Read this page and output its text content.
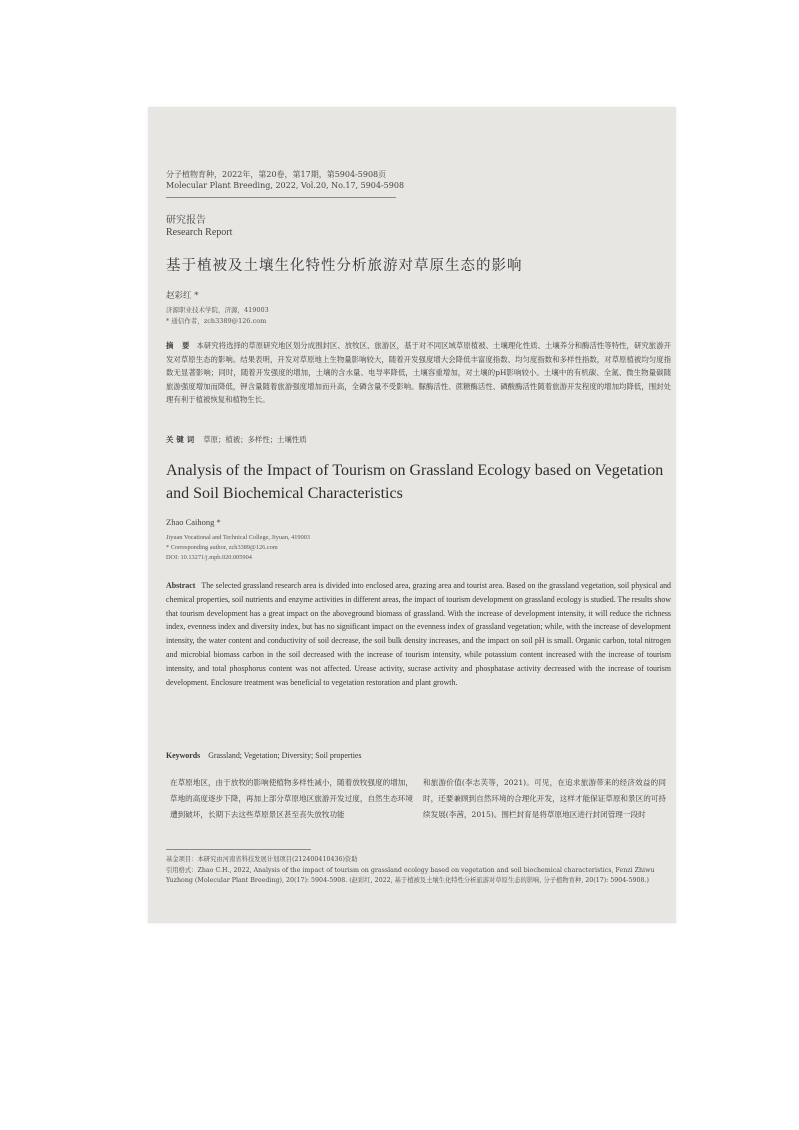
分子植物育种，2022年，第20卷，第17期，第5904-5908页
Molecular Plant Breeding, 2022, Vol.20, No.17, 5904-5908
研究报告
Research Report
基于植被及土壤生化特性分析旅游对草原生态的影响
赵彩红 *
济源职业技术学院，济源，419003
* 通信作者，zch3389@126.com
摘 要 本研究将选择的草原研究地区划分成围封区、放牧区、旅游区，基于对不同区域草原植被、土壤理化性质、土壤养分和酶活性等特性，研究旅游开发对草原生态的影响。结果表明，开发对草原地上生物量影响较大，随着开发强度增大会降低丰富度指数、均匀度指数和多样性指数，对草原植被均匀度指数无显著影响；同时，随着开发强度的增加，土壤的含水量、电导率降低，土壤容重增加，对土壤的pH影响较小。土壤中的有机碳、全氮、微生物量碳随旅游强度增加而降低，钾含量随着旅游强度增加而升高，全磷含量不受影响。脲酶活性、蔗糖酶活性、磷酸酶活性随着旅游开发程度的增加均降低，围封处理有利于植被恢复和植物生长。
关键词 草原；植被；多样性；土壤性质
Analysis of the Impact of Tourism on Grassland Ecology based on Vegetation and Soil Biochemical Characteristics
Zhao Caihong *
Jiyuan Vocational and Technical College, Jiyuan, 419003
* Corresponding author, zch3389@126.com
DOI: 10.13271/j.mpb.020.005904
Abstract The selected grassland research area is divided into enclosed area, grazing area and tourist area. Based on the grassland vegetation, soil physical and chemical properties, soil nutrients and enzyme activities in different areas, the impact of tourism development on grassland ecology is studied. The results show that tourism development has a great impact on the aboveground biomass of grassland. With the increase of development intensity, it will reduce the richness index, evenness index and diversity index, but has no significant impact on the evenness index of grassland vegetation; while, with the increase of development intensity, the water content and conductivity of soil decrease, the soil bulk density increases, and the impact on soil pH is small. Organic carbon, total nitrogen and microbial biomass carbon in the soil decreased with the increase of tourism intensity, while potassium content increased with the increase of tourism intensity, and total phosphorus content was not affected. Urease activity, sucrase activity and phosphatase activity decreased with the increase of tourism development. Enclosure treatment was beneficial to vegetation restoration and plant growth.
Keywords Grassland; Vegetation; Diversity; Soil properties
在草原地区，由于放牧的影响使植物多样性减小，随着放牧强度的增加，草地的高度逐步下降，再加上部分草原地区旅游开发过度，自然生态环境遭到破坏，长期下去这些草原景区甚至丧失放牧功能
和旅游价值(李志芙等，2021)。可见，在追求旅游带来的经济效益的同时，还要兼顾到自然环境的合理化开发，这样才能保证草原和景区的可持续发展(李茜，2015)。围栏封育是将草原地区进行封闭管理一段时
基金项目：本研究由河南省科技发展计划项目(212400410436)资助
引用格式：Zhao C.H., 2022, Analysis of the impact of tourism on grassland ecology based on vegetation and soil biochemical characteristics, Fenzi Zhiwu Yuzhong (Molecular Plant Breeding), 20(17): 5904-5908. (赵彩红, 2022, 基于植被及土壤生化特性分析旅游对草原生态的影响, 分子植物育种, 20(17): 5904-5908.)
